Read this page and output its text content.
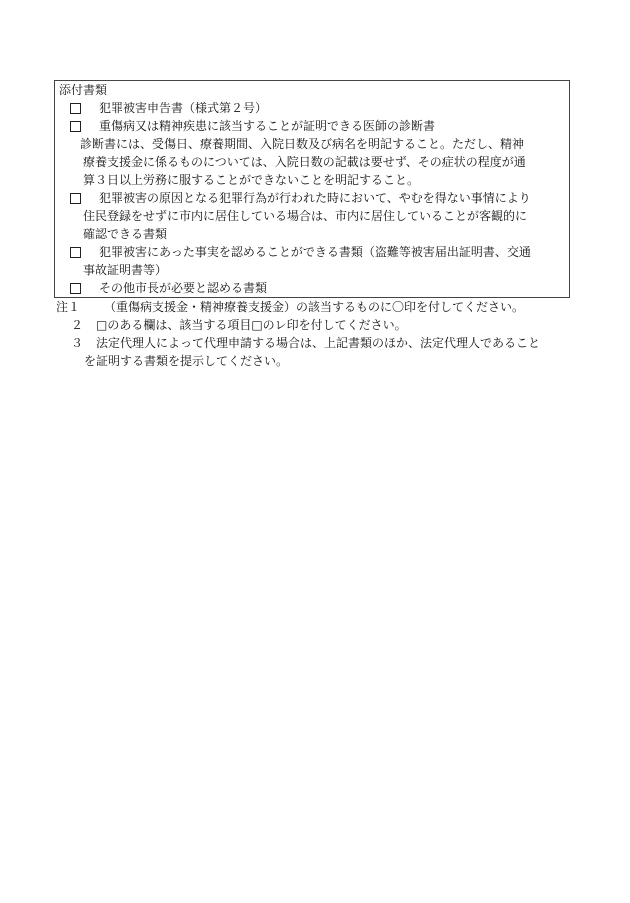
添付書類
犯罪被害申告書（様式第２号）
重傷病又は精神疾患に該当することが証明できる医師の診断書
診断書には、受傷日、療養期間、入院日数及び病名を明記すること。ただし、精神
療養支援金に係るものについては、入院日数の記載は要せず、その症状の程度が通
算３日以上労務に服することができないことを明記すること。
犯罪被害の原因となる犯罪行為が行われた時において、やむを得ない事情により
住民登録をせずに市内に居住している場合は、市内に居住していることが客観的に
確認できる書類
犯罪被害にあった事実を認めることができる書類（盗難等被害届出証明書、交通
事故証明書等）
その他市長が必要と認める書類
注１ （重傷病支援金・精神療養支援金）の該当するものに〇印を付してください。
２ □のある欄は、該当する項目□のレ印を付してください。
３ 法定代理人によって代理申請する場合は、上記書類のほか、法定代理人であること
を証明する書類を提示してください。
